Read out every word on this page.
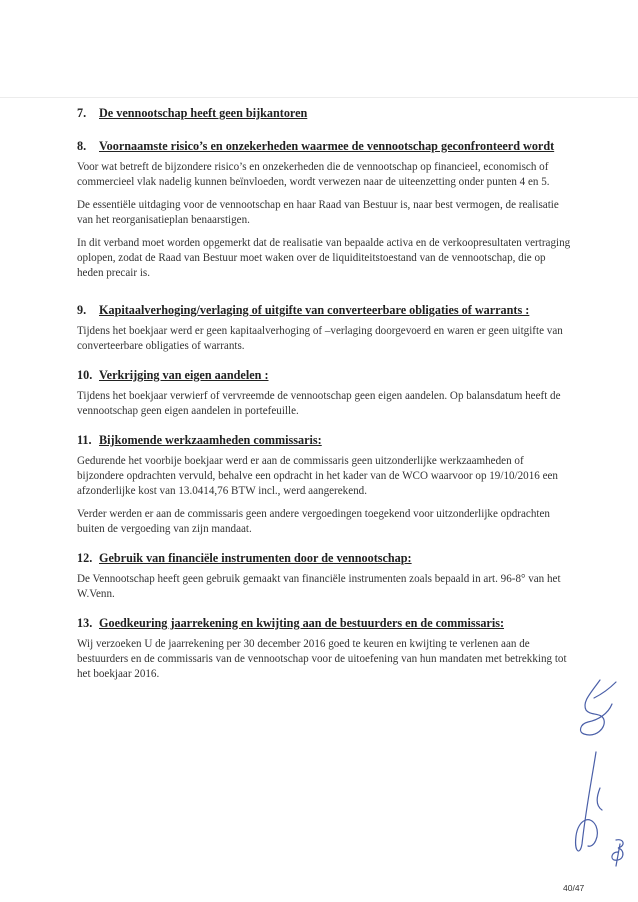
7. De vennootschap heeft geen bijkantoren
8. Voornaamste risico’s en onzekerheden waarmee de vennootschap geconfronteerd wordt

Voor wat betreft de bijzondere risico’s en onzekerheden die de vennootschap op financieel, economisch of commercieel vlak nadelig kunnen beïnvloeden, wordt verwezen naar de uiteenzetting onder punten 4 en 5.

De essentiële uitdaging voor de vennootschap en haar Raad van Bestuur is, naar best vermogen, de realisatie van het reorganisatieplan benaarstigen.

In dit verband moet worden opgemerkt dat de realisatie van bepaalde activa en de verkoopresultaten vertraging oplopen, zodat de Raad van Bestuur moet waken over de liquiditeitstoestand van de vennootschap, die op heden precair is.

9. Kapitaalverhoging/verlaging of uitgifte van converteerbare obligaties of warrants :

Tijdens het boekjaar werd er geen kapitaalverhoging of –verlaging doorgevoerd en waren er geen uitgifte van converteerbare obligaties of warrants.

10. Verkrijging van eigen aandelen :

Tijdens het boekjaar verwierf of vervreemde de vennootschap geen eigen aandelen. Op balansdatum heeft de vennootschap geen eigen aandelen in portefeuille.

11. Bijkomende werkzaamheden commissaris:

Gedurende het voorbije boekjaar werd er aan de commissaris geen uitzonderlijke werkzaamheden of bijzondere opdrachten vervuld, behalve een opdracht in het kader van de WCO waarvoor op 19/10/2016 een afzonderlijke kost van 13.0414,76 BTW incl., werd aangerekend.

Verder werden er aan de commissaris geen andere vergoedingen toegekend voor uitzonderlijke opdrachten buiten de vergoeding van zijn mandaat.

12. Gebruik van financiële instrumenten door de vennootschap:

De Vennootschap heeft geen gebruik gemaakt van financiële instrumenten zoals bepaald in art. 96-8° van het W.Venn.

13. Goedkeuring jaarrekening en kwijting aan de bestuurders en de commissaris:

Wij verzoeken U de jaarrekening per 30 december 2016 goed te keuren en kwijting te verlenen aan de bestuurders en de commissaris van de vennootschap voor de uitoefening van hun mandaten met betrekking tot het boekjaar 2016.

40/47
